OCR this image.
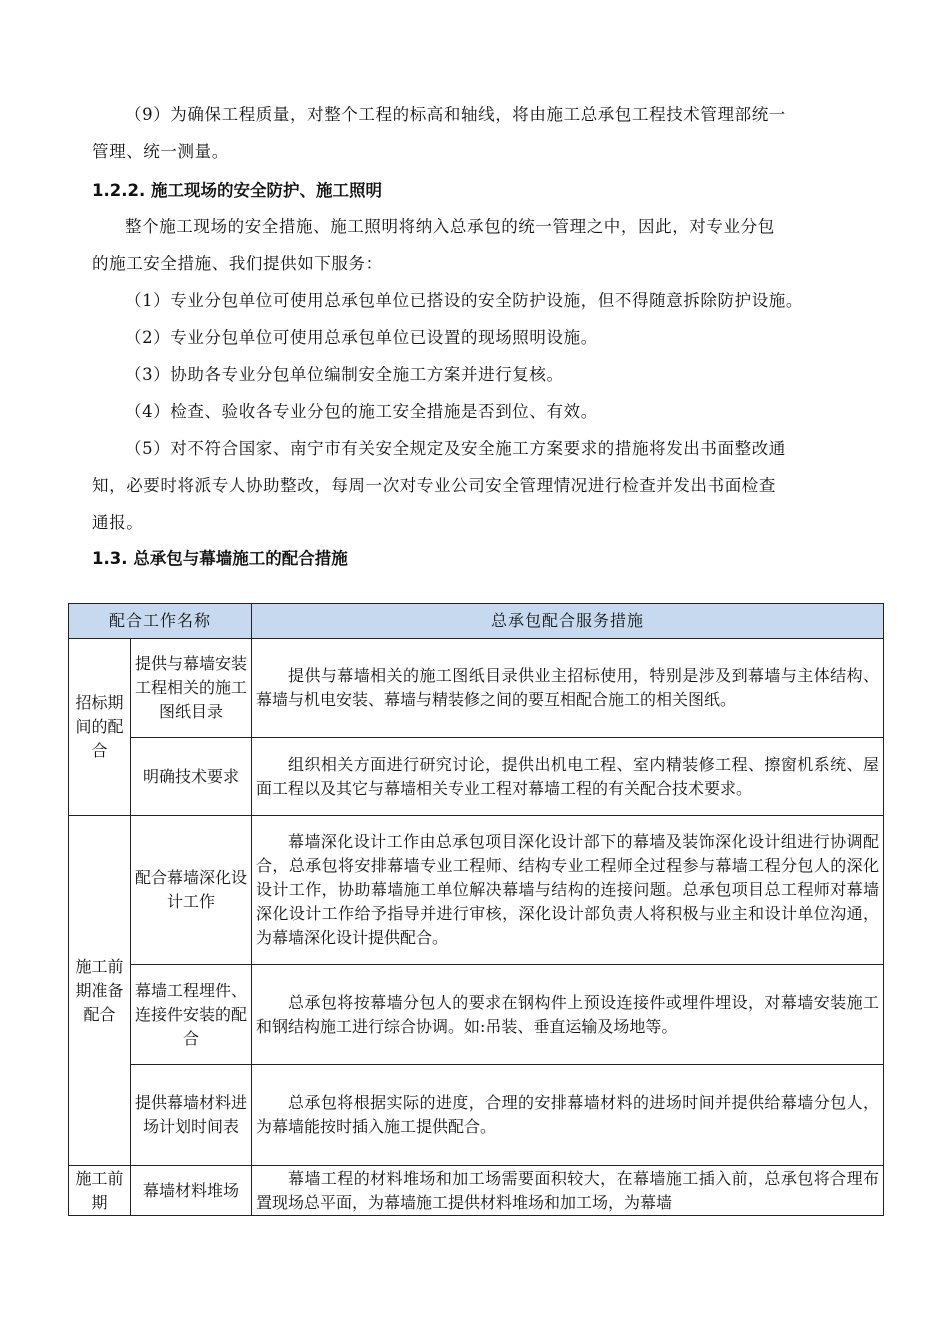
（9）为确保工程质量，对整个工程的标高和轴线，将由施工总承包工程技术管理部统一
管理、统一测量。
1.2.2. 施工现场的安全防护、施工照明
整个施工现场的安全措施、施工照明将纳入总承包的统一管理之中，因此，对专业分包
的施工安全措施、我们提供如下服务：
（1）专业分包单位可使用总承包单位已搭设的安全防护设施，但不得随意拆除防护设施。
（2）专业分包单位可使用总承包单位已设置的现场照明设施。
（3）协助各专业分包单位编制安全施工方案并进行复核。
（4）检查、验收各专业分包的施工安全措施是否到位、有效。
（5）对不符合国家、南宁市有关安全规定及安全施工方案要求的措施将发出书面整改通
知，必要时将派专人协助整改，每周一次对专业公司安全管理情况进行检查并发出书面检查
通报。
1.3. 总承包与幕墙施工的配合措施
配合工作名称		总承包配合服务措施
招标期间的配合	提供与幕墙安装工程相关的施工图纸目录	提供与幕墙相关的施工图纸目录供业主招标使用，特别是涉及到幕墙与主体结构、幕墙与机电安装、幕墙与精装修之间的要互相配合施工的相关图纸。
	明确技术要求	组织相关方面进行研究讨论，提供出机电工程、室内精装修工程、擦窗机系统、屋面工程以及其它与幕墙相关专业工程对幕墙工程的有关配合技术要求。
施工前期准备配合	配合幕墙深化设计工作	幕墙深化设计工作由总承包项目深化设计部下的幕墙及装饰深化设计组进行协调配合，总承包将安排幕墙专业工程师、结构专业工程师全过程参与幕墙工程分包人的深化设计工作，协助幕墙施工单位解决幕墙与结构的连接问题。总承包项目总工程师对幕墙深化设计工作给予指导并进行审核，深化设计部负责人将积极与业主和设计单位沟通，为幕墙深化设计提供配合。
	幕墙工程埋件、连接件安装的配合	总承包将按幕墙分包人的要求在钢构件上预设连接件或埋件埋设，对幕墙安装施工和钢结构施工进行综合协调。如:吊装、垂直运输及场地等。
	提供幕墙材料进场计划时间表	总承包将根据实际的进度，合理的安排幕墙材料的进场时间并提供给幕墙分包人，为幕墙能按时插入施工提供配合。
施工前期	幕墙材料堆场	幕墙工程的材料堆场和加工场需要面积较大，在幕墙施工插入前，总承包将合理布置现场总平面，为幕墙施工提供材料堆场和加工场，为幕墙
